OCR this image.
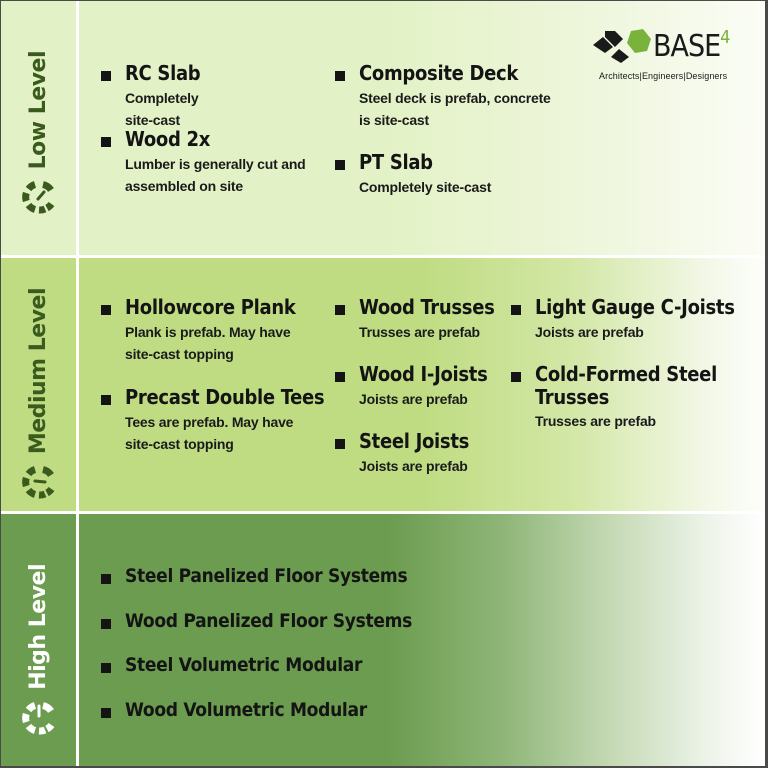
Low Level	RC Slab
Completely site-cast
Wood 2x
Lumber is generally cut and
assembled on site
Composite Deck
Steel deck is prefab, concrete
is site-cast
PT Slab
Completely site-cast
BASE$^4$
Architects|Engineers|Designers
Medium Level	Hollowcore Plank
Plank is prefab. May have
site-cast topping
Precast Double Tees
Tees are prefab. May have
site-cast topping
Wood Trusses
Trusses are prefab
Wood I-Joists
Joists are prefab
Steel Joists
Joists are prefab
Light Gauge C-Joists
Joists are prefab
Cold-Formed Steel
Trusses
Trusses are prefab
High Level	Steel Panelized Floor Systems
Wood Panelized Floor Systems
Steel Volumetric Modular
Wood Volumetric Modular
